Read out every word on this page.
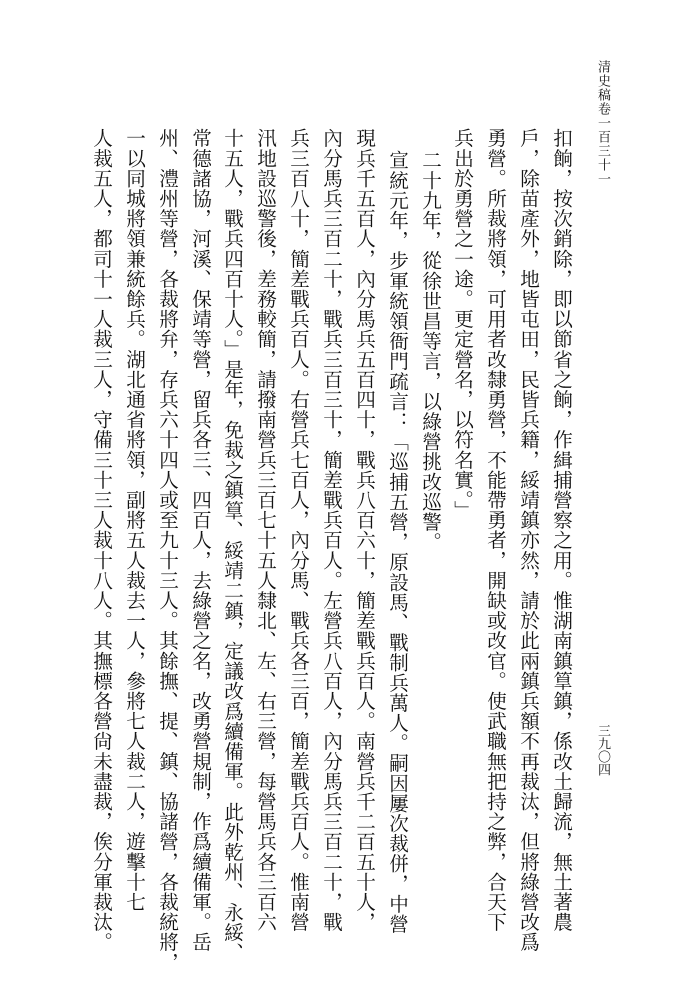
清史稿卷一百三十一
三九〇四
扣餉，按次銷除，即以節省之餉，作緝捕營察之用。惟湖南鎮筸鎮，係改土歸流，無土著農
戶，除苗產外，地皆屯田，民皆兵籍，綏靖鎮亦然，請於此兩鎮兵額不再裁汰，但將綠營改爲
勇營。所裁將領，可用者改隸勇營，不能帶勇者，開缺或改官。使武職無把持之弊，合天下
兵出於勇營之一途。更定營名，以符名實。」
二十九年，從徐世昌等言，以綠營挑改巡警。
宣統元年，步軍統領衙門疏言：「巡捕五營，原設馬、戰制兵萬人。嗣因屢次裁併，中營
現兵千五百人，內分馬兵五百四十，戰兵八百六十，簡差戰兵百人。南營兵千二百五十人，
內分馬兵三百二十，戰兵三百三十，簡差戰兵百人。左營兵八百人，內分馬兵三百二十，戰
兵三百八十，簡差戰兵百人。右營兵七百人，內分馬、戰兵各三百，簡差戰兵百人。惟南營
汛地設巡警後，差務較簡，請撥南營兵三百七十五人隸北、左、右三營，每營馬兵各三百六
十五人，戰兵四百十人。」是年，免裁之鎮筸、綏靖二鎮，定議改爲續備軍。此外乾州、永綏、
常德諸協，河溪、保靖等營，留兵各三、四百人，去綠營之名，改勇營規制，作爲續備軍。岳
州、澧州等營，各裁將弁，存兵六十四人或至九十三人。其餘撫、提、鎮、協諸營，各裁統將，
一以同城將領兼統餘兵。湖北通省將領，副將五人裁去一人，參將七人裁二人，遊擊十七
人裁五人，都司十一人裁三人，守備三十三人裁十八人。其撫標各營尙未盡裁，俟分軍裁汰。
